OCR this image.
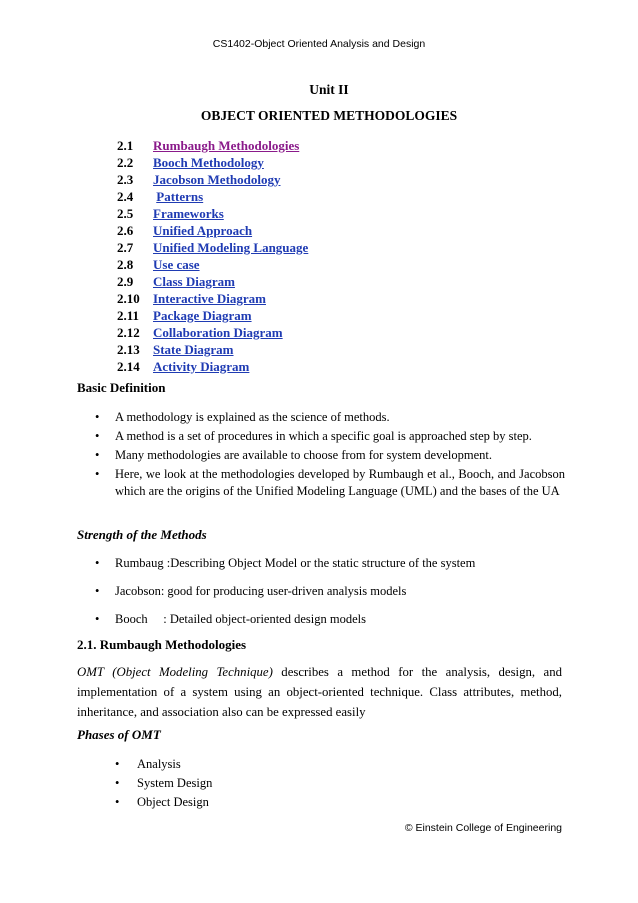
CS1402-Object Oriented Analysis and Design
Unit II
OBJECT ORIENTED METHODOLOGIES
2.1 Rumbaugh Methodologies
2.2 Booch Methodology
2.3 Jacobson Methodology
2.4 Patterns
2.5 Frameworks
2.6 Unified Approach
2.7 Unified Modeling Language
2.8 Use case
2.9 Class Diagram
2.10 Interactive Diagram
2.11 Package Diagram
2.12 Collaboration Diagram
2.13 State Diagram
2.14 Activity Diagram
Basic Definition
• A methodology is explained as the science of methods.
• A method is a set of procedures in which a specific goal is approached step by step.
• Many methodologies are available to choose from for system development.
• Here, we look at the methodologies developed by Rumbaugh et al., Booch, and Jacobson which are the origins of the Unified Modeling Language (UML) and the bases of the UA
Strength of the Methods
• Rumbaug :Describing Object Model or the static structure of the system
• Jacobson: good for producing user-driven analysis models
• Booch     : Detailed object-oriented design models
2.1. Rumbaugh Methodologies
OMT (Object Modeling Technique) describes a method for the analysis, design, and implementation of a system using an object-oriented technique. Class attributes, method, inheritance, and association also can be expressed easily
Phases of OMT
• Analysis
• System Design
• Object Design
© Einstein College of Engineering
